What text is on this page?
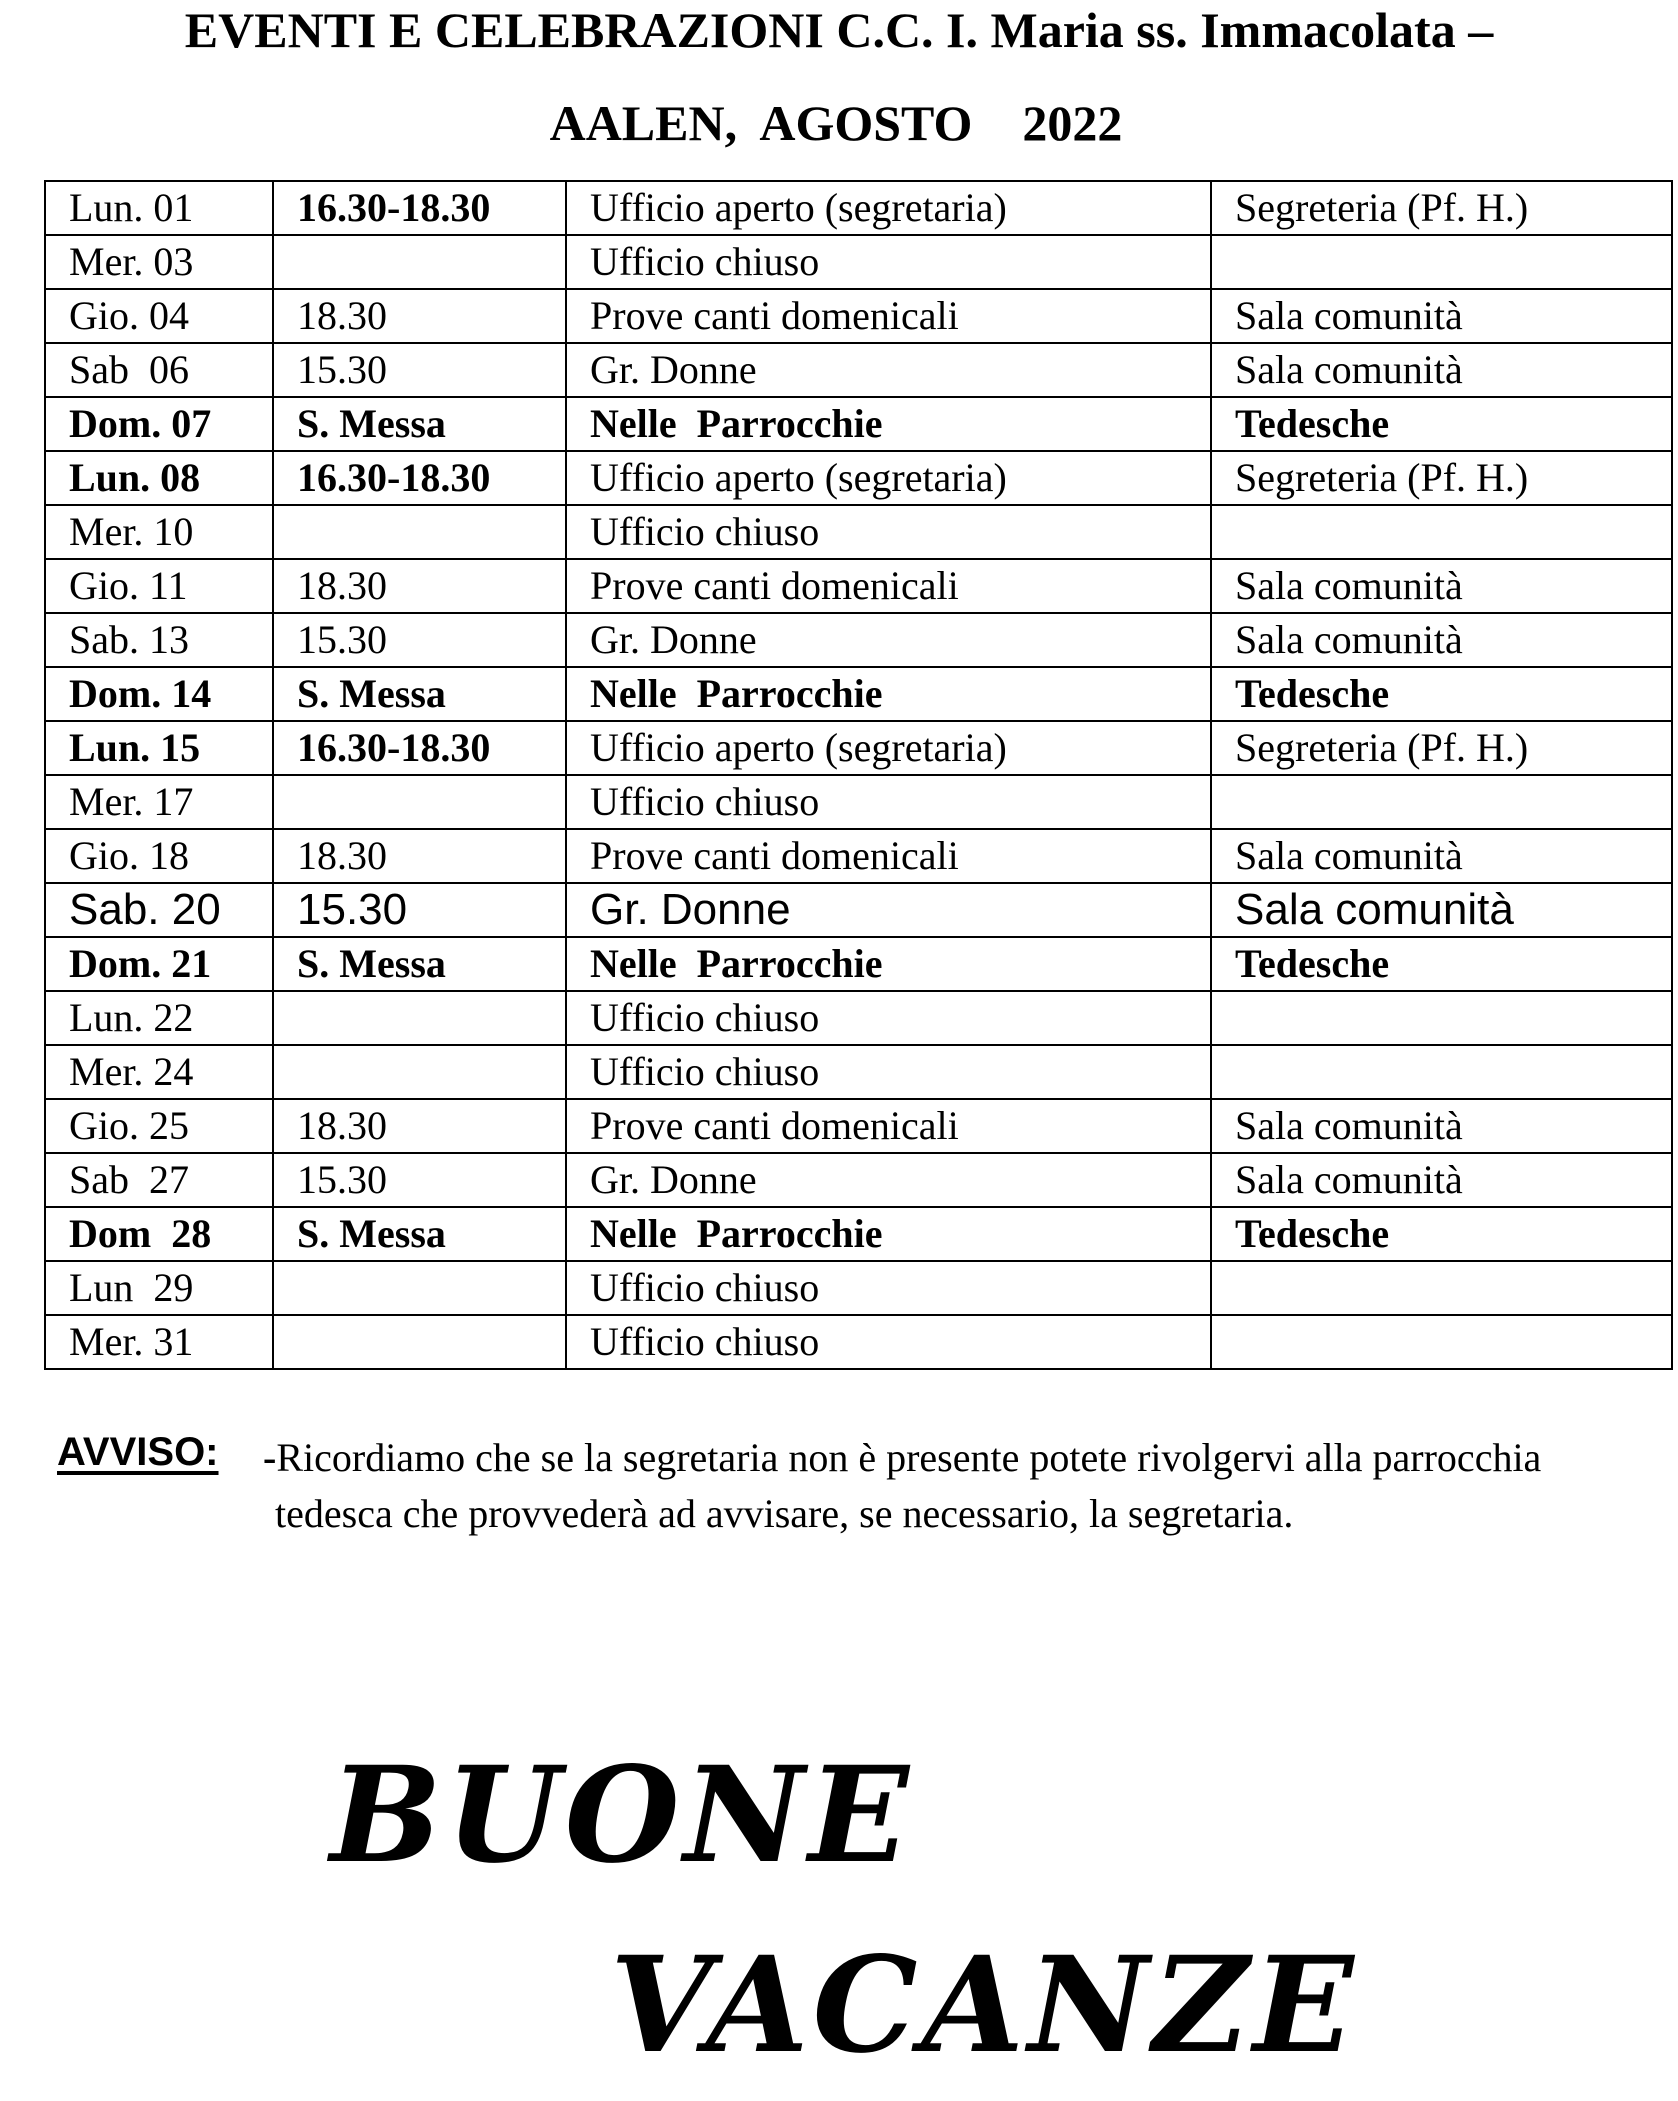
EVENTI E CELEBRAZIONI C.C. I. Maria ss. Immacolata –
AALEN,  AGOSTO    2022
Lun. 01	16.30-18.30	Ufficio aperto (segretaria)	Segreteria (Pf. H.)
Mer. 03		Ufficio chiuso	
Gio. 04	18.30	Prove canti domenicali	Sala comunità
Sab  06	15.30	Gr. Donne	Sala comunità
Dom. 07	S. Messa	Nelle  Parrocchie	Tedesche
Lun. 08	16.30-18.30	Ufficio aperto (segretaria)	Segreteria (Pf. H.)
Mer. 10		Ufficio chiuso	
Gio. 11	18.30	Prove canti domenicali	Sala comunità
Sab. 13	15.30	Gr. Donne	Sala comunità
Dom. 14	S. Messa	Nelle  Parrocchie	Tedesche
Lun. 15	16.30-18.30	Ufficio aperto (segretaria)	Segreteria (Pf. H.)
Mer. 17		Ufficio chiuso	
Gio. 18	18.30	Prove canti domenicali	Sala comunità
Sab. 20	15.30	Gr. Donne	Sala comunità
Dom. 21	S. Messa	Nelle  Parrocchie	Tedesche
Lun. 22		Ufficio chiuso	
Mer. 24		Ufficio chiuso	
Gio. 25	18.30	Prove canti domenicali	Sala comunità
Sab  27	15.30	Gr. Donne	Sala comunità
Dom  28	S. Messa	Nelle  Parrocchie	Tedesche
Lun  29		Ufficio chiuso	
Mer. 31		Ufficio chiuso	
AVVISO: -Ricordiamo che se la segretaria non è presente potete rivolgervi alla parrocchia tedesca che provvederà ad avvisare, se necessario, la segretaria.
BUONE
VACANZE
